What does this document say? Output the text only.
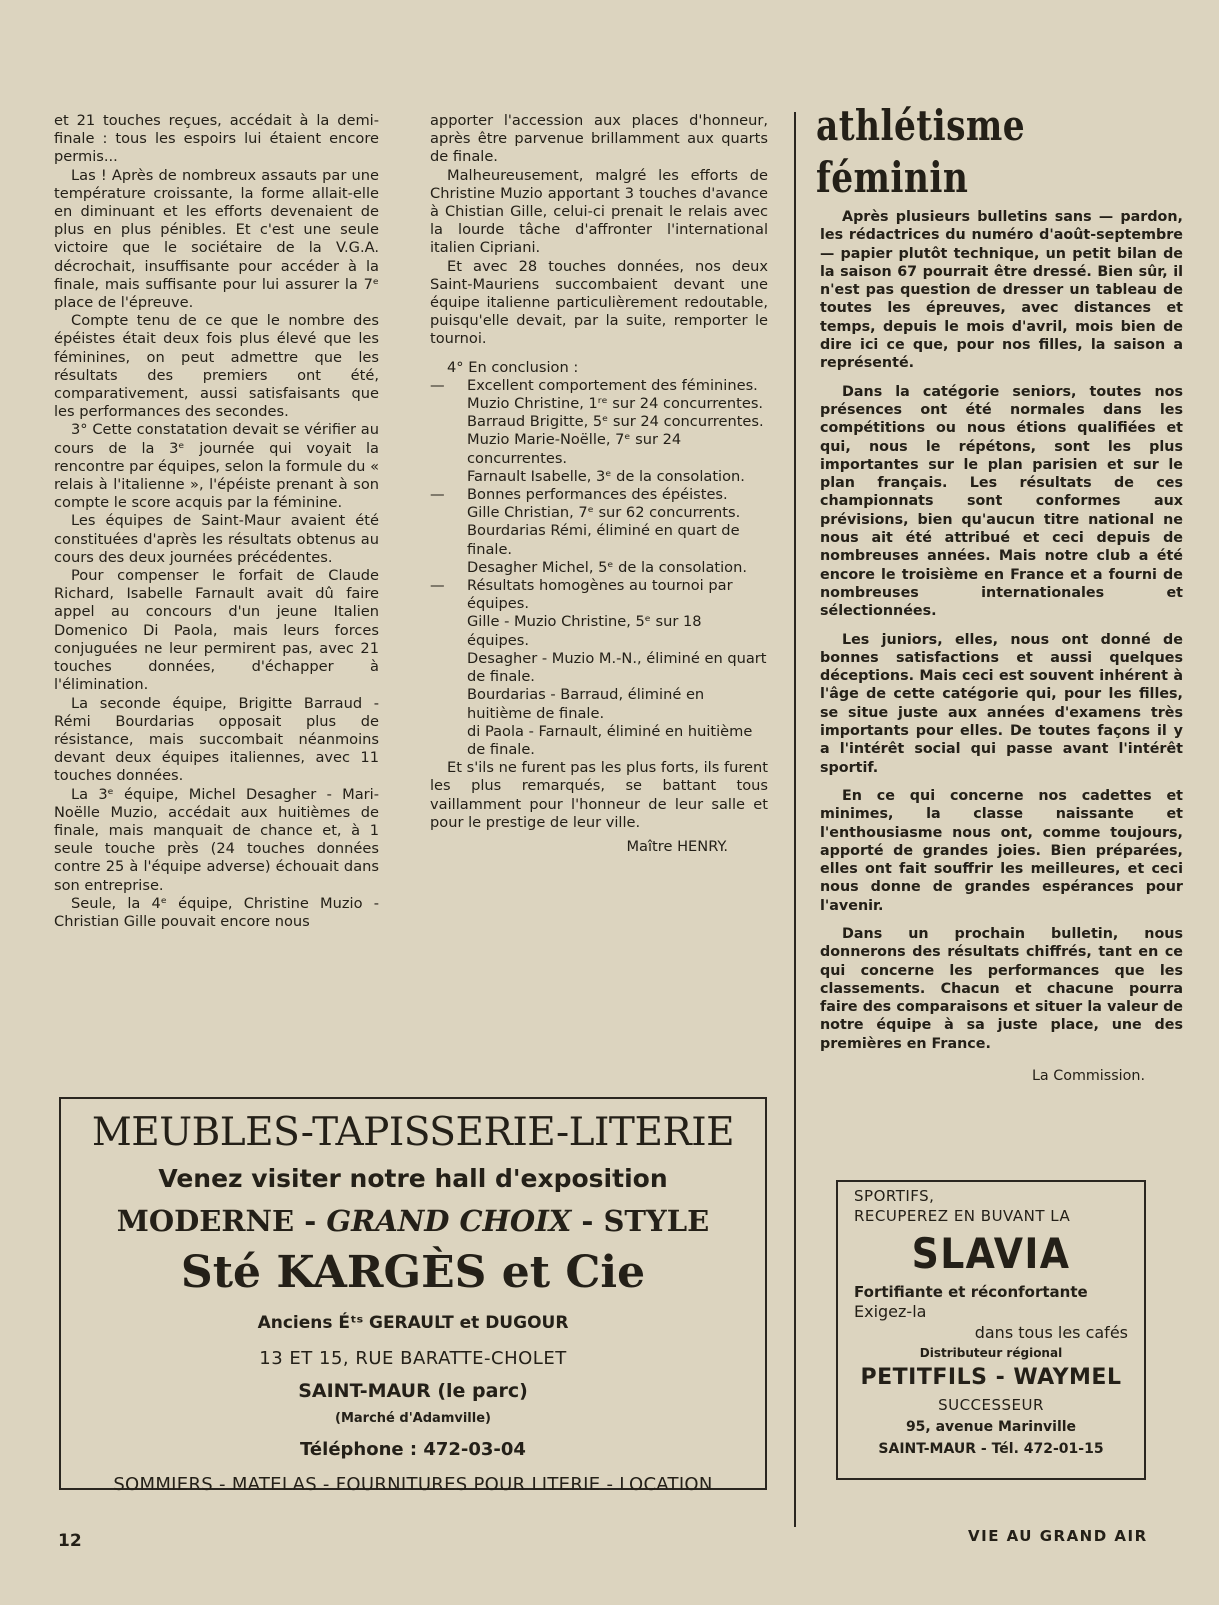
et 21 touches reçues, accédait à la demi-finale : tous les espoirs lui étaient encore permis...

Las ! Après de nombreux assauts par une température croissante, la forme allait-elle en diminuant et les efforts devenaient de plus en plus pénibles. Et c'est une seule victoire que le sociétaire de la V.G.A. décrochait, insuffisante pour accéder à la finale, mais suffisante pour lui assurer la 7ᵉ place de l'épreuve.

Compte tenu de ce que le nombre des épéistes était deux fois plus élevé que les féminines, on peut admettre que les résultats des premiers ont été, comparativement, aussi satisfaisants que les performances des secondes.

3° Cette constatation devait se vérifier au cours de la 3ᵉ journée qui voyait la rencontre par équipes, selon la formule du « relais à l'italienne », l'épéiste prenant à son compte le score acquis par la féminine.

Les équipes de Saint-Maur avaient été constituées d'après les résultats obtenus au cours des deux journées précédentes.

Pour compenser le forfait de Claude Richard, Isabelle Farnault avait dû faire appel au concours d'un jeune Italien Domenico Di Paola, mais leurs forces conjuguées ne leur permirent pas, avec 21 touches données, d'échapper à l'élimination.

La seconde équipe, Brigitte Barraud - Rémi Bourdarias opposait plus de résistance, mais succombait néanmoins devant deux équipes italiennes, avec 11 touches données.

La 3ᵉ équipe, Michel Desagher - Mari-Noëlle Muzio, accédait aux huitièmes de finale, mais manquait de chance et, à 1 seule touche près (24 touches données contre 25 à l'équipe adverse) échouait dans son entreprise.

Seule, la 4ᵉ équipe, Christine Muzio - Christian Gille pouvait encore nous

apporter l'accession aux places d'honneur, après être parvenue brillamment aux quarts de finale.

Malheureusement, malgré les efforts de Christine Muzio apportant 3 touches d'avance à Chistian Gille, celui-ci prenait le relais avec la lourde tâche d'affronter l'international italien Cipriani.

Et avec 28 touches données, nos deux Saint-Mauriens succombaient devant une équipe italienne particulièrement redoutable, puisqu'elle devait, par la suite, remporter le tournoi.

4° En conclusion :

— Excellent comportement des féminines.
Muzio Christine, 1ʳᵉ sur 24 concurrentes.
Barraud Brigitte, 5ᵉ sur 24 concurrentes.
Muzio Marie-Noëlle, 7ᵉ sur 24 concurrentes.
Farnault Isabelle, 3ᵉ de la consolation.
— Bonnes performances des épéistes.
Gille Christian, 7ᵉ sur 62 concurrents.
Bourdarias Rémi, éliminé en quart de finale.
Desagher Michel, 5ᵉ de la consolation.
— Résultats homogènes au tournoi par équipes.
Gille - Muzio Christine, 5ᵉ sur 18 équipes.
Desagher - Muzio M.-N., éliminé en quart de finale.
Bourdarias - Barraud, éliminé en huitième de finale.
di Paola - Farnault, éliminé en huitième de finale.

Et s'ils ne furent pas les plus forts, ils furent les plus remarqués, se battant tous vaillamment pour l'honneur de leur salle et pour le prestige de leur ville.

Maître HENRY.
athlétisme féminin

Après plusieurs bulletins sans — pardon, les rédactrices du numéro d'août-septembre — papier plutôt technique, un petit bilan de la saison 67 pourrait être dressé. Bien sûr, il n'est pas question de dresser un tableau de toutes les épreuves, avec distances et temps, depuis le mois d'avril, mois bien de dire ici ce que, pour nos filles, la saison a représenté.

Dans la catégorie seniors, toutes nos présences ont été normales dans les compétitions ou nous étions qualifiées et qui, nous le répétons, sont les plus importantes sur le plan parisien et sur le plan français. Les résultats de ces championnats sont conformes aux prévisions, bien qu'aucun titre national ne nous ait été attribué et ceci depuis de nombreuses années. Mais notre club a été encore le troisième en France et a fourni de nombreuses internationales et sélectionnées.

Les juniors, elles, nous ont donné de bonnes satisfactions et aussi quelques déceptions. Mais ceci est souvent inhérent à l'âge de cette catégorie qui, pour les filles, se situe juste aux années d'examens très importants pour elles. De toutes façons il y a l'intérêt social qui passe avant l'intérêt sportif.

En ce qui concerne nos cadettes et minimes, la classe naissante et l'enthousiasme nous ont, comme toujours, apporté de grandes joies. Bien préparées, elles ont fait souffrir les meilleures, et ceci nous donne de grandes espérances pour l'avenir.

Dans un prochain bulletin, nous donnerons des résultats chiffrés, tant en ce qui concerne les performances que les classements. Chacun et chacune pourra faire des comparaisons et situer la valeur de notre équipe à sa juste place, une des premières en France.

La Commission.
MEUBLES-TAPISSERIE-LITERIE
Venez visiter notre hall d'exposition
MODERNE - GRAND CHOIX - STYLE
Sté KARGÈS et Cie
Anciens Éᵗˢ GERAULT et DUGOUR
13 ET 15, RUE BARATTE-CHOLET
SAINT-MAUR (le parc)
(Marché d'Adamville)
Téléphone : 472-03-04
SOMMIERS - MATELAS - FOURNITURES POUR LITERIE - LOCATION
SPORTIFS,
RECUPEREZ EN BUVANT LA
SLAVIA
Fortifiante et réconfortante
Exigez-la
dans tous les cafés
Distributeur régional
PETITFILS - WAYMEL
SUCCESSEUR
95, avenue Marinville
SAINT-MAUR - Tél. 472-01-15
12	VIE AU GRAND AIR
